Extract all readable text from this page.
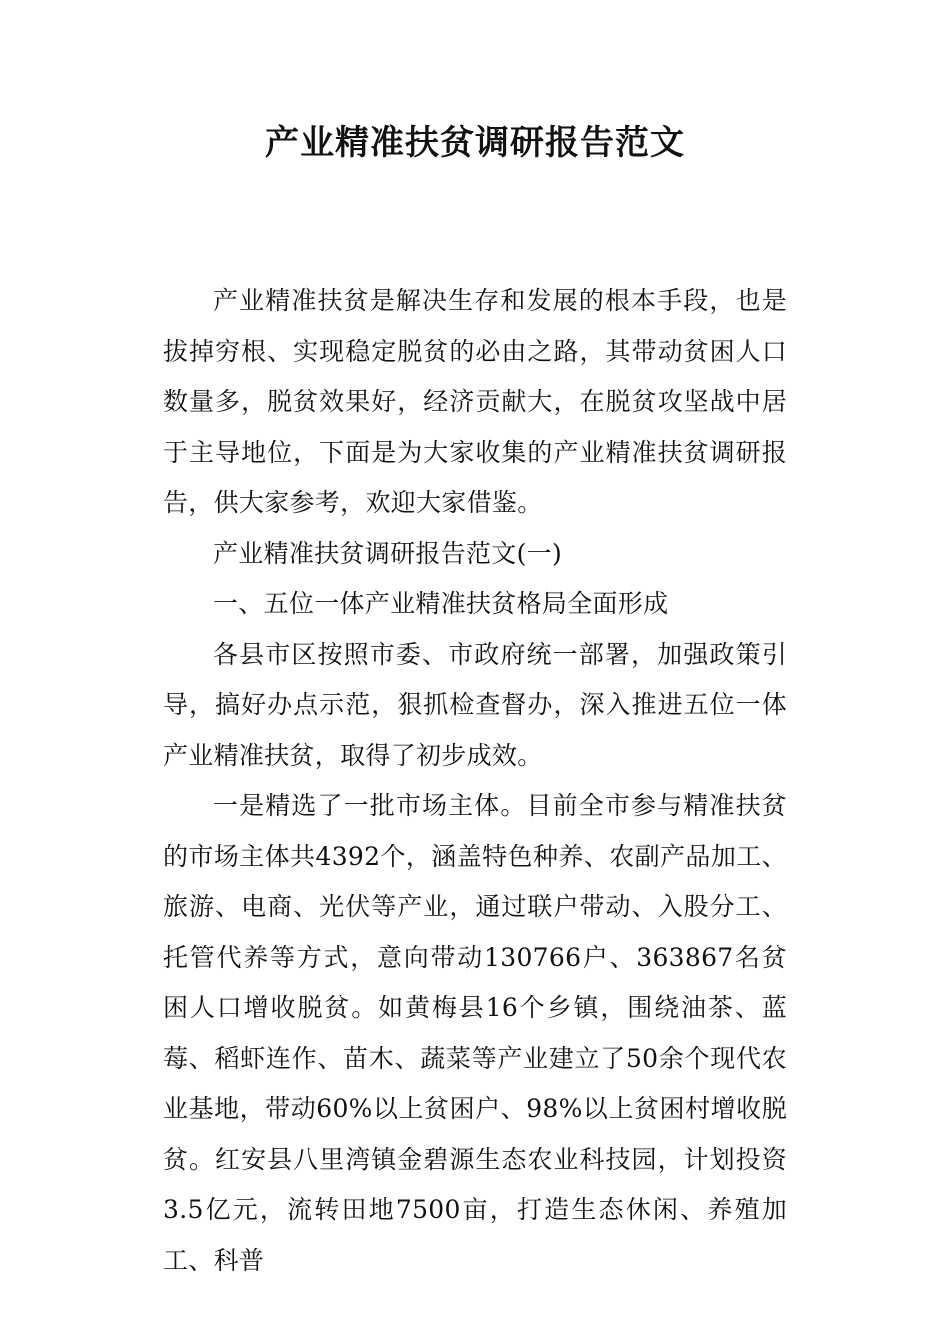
产业精准扶贫调研报告范文

产业精准扶贫是解决生存和发展的根本手段，也是拔掉穷根、实现稳定脱贫的必由之路，其带动贫困人口数量多，脱贫效果好，经济贡献大，在脱贫攻坚战中居于主导地位，下面是为大家收集的产业精准扶贫调研报告，供大家参考，欢迎大家借鉴。

产业精准扶贫调研报告范文(一)

一、五位一体产业精准扶贫格局全面形成

各县市区按照市委、市政府统一部署，加强政策引导，搞好办点示范，狠抓检查督办，深入推进五位一体产业精准扶贫，取得了初步成效。

一是精选了一批市场主体。目前全市参与精准扶贫的市场主体共4392个，涵盖特色种养、农副产品加工、旅游、电商、光伏等产业，通过联户带动、入股分工、托管代养等方式，意向带动130766户、363867名贫困人口增收脱贫。如黄梅县16个乡镇，围绕油茶、蓝莓、稻虾连作、苗木、蔬菜等产业建立了50余个现代农业基地，带动60%以上贫困户、98%以上贫困村增收脱贫。红安县八里湾镇金碧源生态农业科技园，计划投资3.5亿元，流转田地7500亩，打造生态休闲、养殖加工、科普
